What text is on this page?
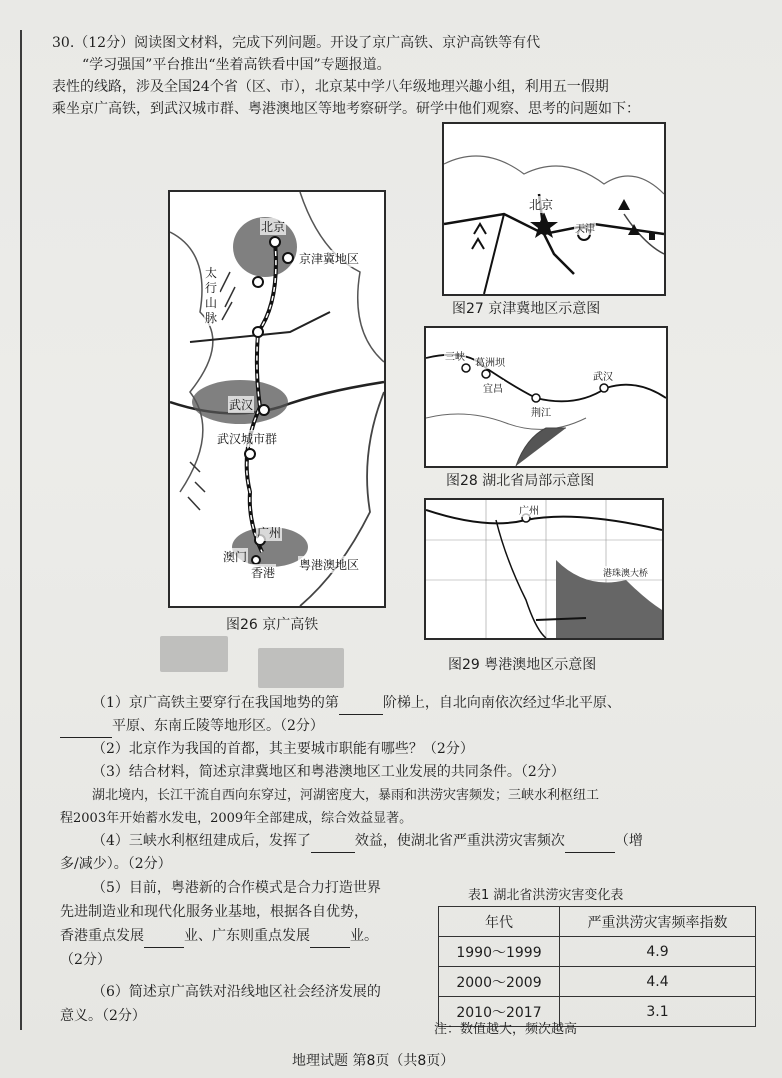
30.（12分）阅读图文材料，完成下列问题。开设了京广高铁、京沪高铁等有代

“学习强国”平台推出“坐着高铁看中国”专题报道。

表性的线路，涉及全国24个省（区、市），北京某中学八年级地理兴趣小组，利用五一假期

乘坐京广高铁，到武汉城市群、粤港澳地区等地考察研学。研学中他们观察、思考的问题如下：

北京
京津冀地区
太行山脉
武汉
武汉城市群
广州
澳门
香港
粤港澳地区
图26 京广高铁
北京
天津
图27 京津冀地区示意图
三峡
葛洲坝
宜昌
荆江
武汉
图28 湖北省局部示意图
广州
港珠澳大桥
图29 粤港澳地区示意图

（1）京广高铁主要穿行在我国地势的第	阶梯上，自北向南依次经过华北平原、

平原、东南丘陵等地形区。（2分）

（2）北京作为我国的首都，其主要城市职能有哪些？（2分）

（3）结合材料，简述京津冀地区和粤港澳地区工业发展的共同条件。（2分）

湖北境内，长江干流自西向东穿过，河湖密度大，暴雨和洪涝灾害频发；三峡水利枢纽工

程2003年开始蓄水发电，2009年全部建成，综合效益显著。

（4）三峡水利枢纽建成后，发挥了	效益，使湖北省严重洪涝灾害频次	（增

多/减少）。（2分）

（5）目前，粤港新的合作模式是合力打造世界

先进制造业和现代化服务业基地，根据各自优势，

香港重点发展	业、广东则重点发展	业。

（2分）

（6）简述京广高铁对沿线地区社会经济发展的

意义。（2分）

表1 湖北省洪涝灾害变化表
年代	严重洪涝灾害频率指数
1990～1999	4.9
2000～2009	4.4
2010～2017	3.1
注：数值越大，频次越高
地理试题 第8页（共8页）
